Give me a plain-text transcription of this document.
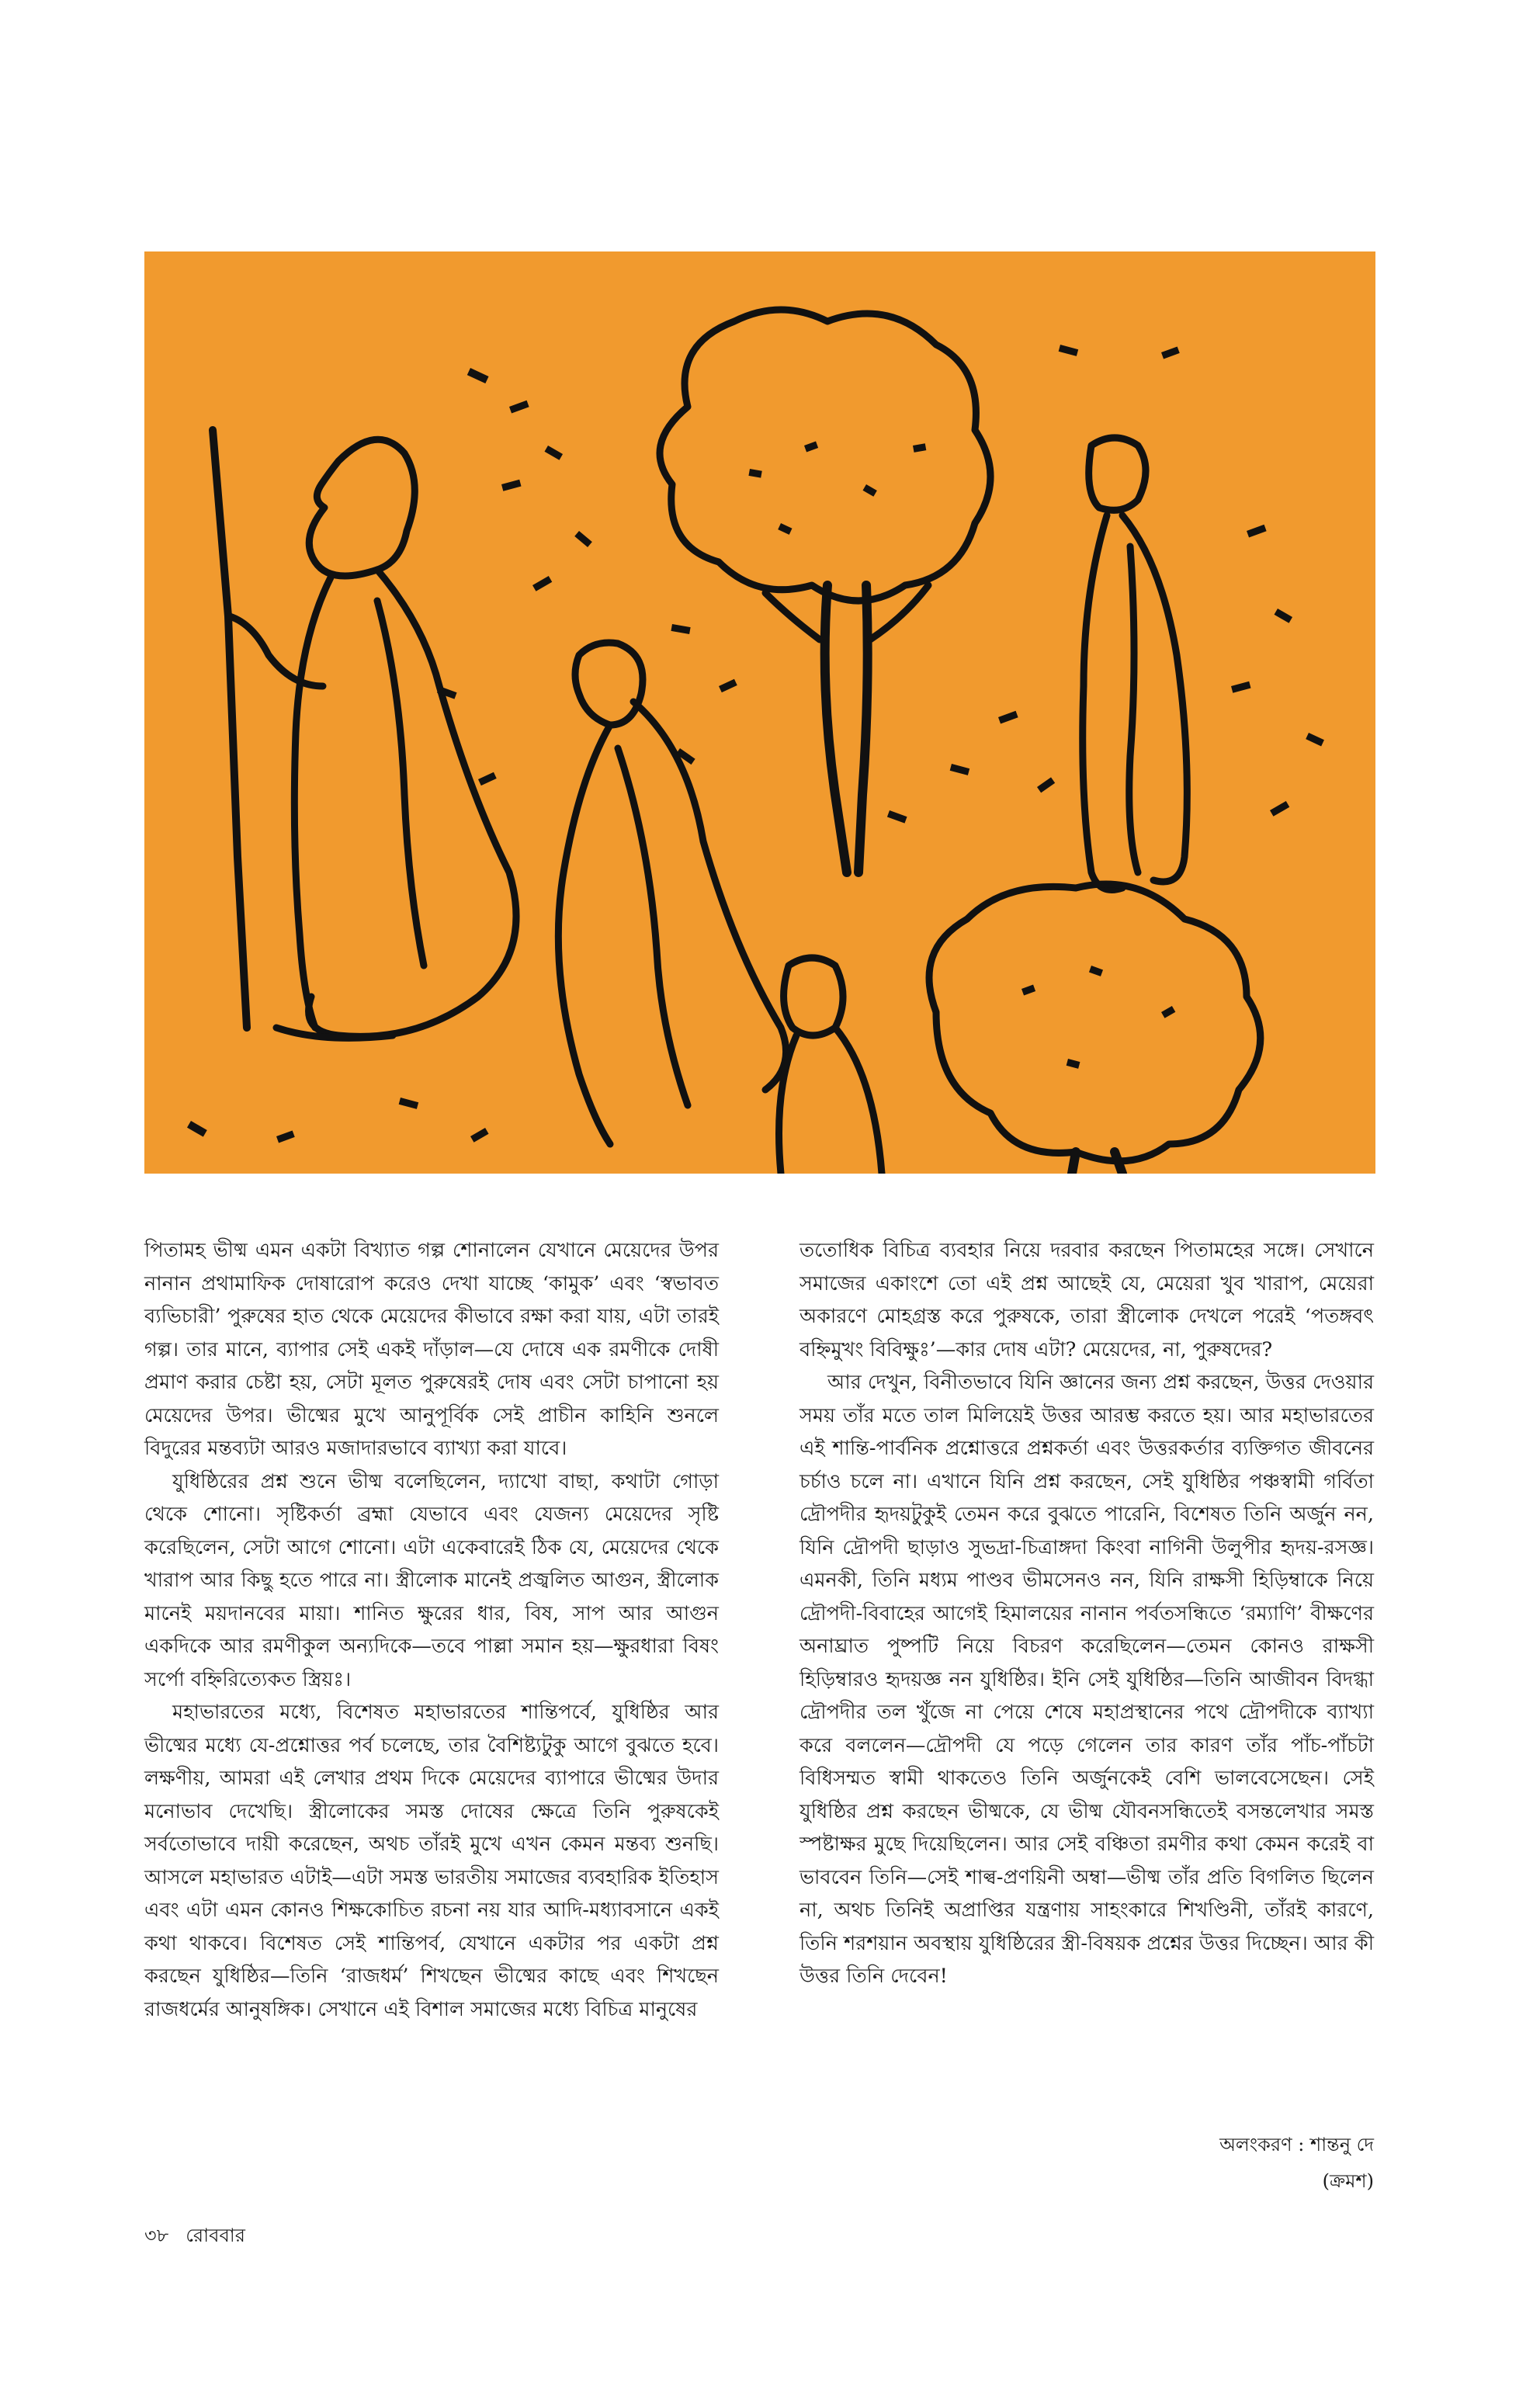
পিতামহ ভীষ্ম এমন একটা বিখ্যাত গল্প শোনালেন যেখানে মেয়েদের উপর নানান প্রথামাফিক দোষারোপ করেও দেখা যাচ্ছে ‘কামুক’ এবং ‘স্বভাবত ব্যভিচারী’ পুরুষের হাত থেকে মেয়েদের কীভাবে রক্ষা করা যায়, এটা তারই গল্প। তার মানে, ব্যাপার সেই একই দাঁড়াল—যে দোষে এক রমণীকে দোষী প্রমাণ করার চেষ্টা হয়, সেটা মূলত পুরুষেরই দোষ এবং সেটা চাপানো হয় মেয়েদের উপর। ভীষ্মের মুখে আনুপূর্বিক সেই প্রাচীন কাহিনি শুনলে বিদুরের মন্তব্যটা আরও মজাদারভাবে ব্যাখ্যা করা যাবে।

যুধিষ্ঠিরের প্রশ্ন শুনে ভীষ্ম বলেছিলেন, দ্যাখো বাছা, কথাটা গোড়া থেকে শোনো। সৃষ্টিকর্তা ব্রহ্মা যেভাবে এবং যেজন্য মেয়েদের সৃষ্টি করেছিলেন, সেটা আগে শোনো। এটা একেবারেই ঠিক যে, মেয়েদের থেকে খারাপ আর কিছু হতে পারে না। স্ত্রীলোক মানেই প্রজ্বলিত আগুন, স্ত্রীলোক মানেই ময়দানবের মায়া। শানিত ক্ষুরের ধার, বিষ, সাপ আর আগুন একদিকে আর রমণীকুল অন্যদিকে—তবে পাল্লা সমান হয়—ক্ষুরধারা বিষং সর্পো বহ্নিরিত্যেকত স্ত্রিয়ঃ।

মহাভারতের মধ্যে, বিশেষত মহাভারতের শান্তিপর্বে, যুধিষ্ঠির আর ভীষ্মের মধ্যে যে-প্রশ্নোত্তর পর্ব চলেছে, তার বৈশিষ্ট্যটুকু আগে বুঝতে হবে। লক্ষণীয়, আমরা এই লেখার প্রথম দিকে মেয়েদের ব্যাপারে ভীষ্মের উদার মনোভাব দেখেছি। স্ত্রীলোকের সমস্ত দোষের ক্ষেত্রে তিনি পুরুষকেই সর্বতোভাবে দায়ী করেছেন, অথচ তাঁরই মুখে এখন কেমন মন্তব্য শুনছি। আসলে মহাভারত এটাই—এটা সমস্ত ভারতীয় সমাজের ব্যবহারিক ইতিহাস এবং এটা এমন কোনও শিক্ষকোচিত রচনা নয় যার আদি-মধ্যাবসানে একই কথা থাকবে। বিশেষত সেই শান্তিপর্ব, যেখানে একটার পর একটা প্রশ্ন করছেন যুধিষ্ঠির—তিনি ‘রাজধর্ম’ শিখছেন ভীষ্মের কাছে এবং শিখছেন রাজধর্মের আনুষঙ্গিক। সেখানে এই বিশাল সমাজের মধ্যে বিচিত্র মানুষের

ততোধিক বিচিত্র ব্যবহার নিয়ে দরবার করছেন পিতামহের সঙ্গে। সেখানে সমাজের একাংশে তো এই প্রশ্ন আছেই যে, মেয়েরা খুব খারাপ, মেয়েরা অকারণে মোহগ্রস্ত করে পুরুষকে, তারা স্ত্রীলোক দেখলে পরেই ‘পতঙ্গবৎ বহ্নিমুখং বিবিক্ষুঃ’—কার দোষ এটা? মেয়েদের, না, পুরুষদের?

আর দেখুন, বিনীতভাবে যিনি জ্ঞানের জন্য প্রশ্ন করছেন, উত্তর দেওয়ার সময় তাঁর মতে তাল মিলিয়েই উত্তর আরম্ভ করতে হয়। আর মহাভারতের এই শান্তি-পার্বনিক প্রশ্নোত্তরে প্রশ্নকর্তা এবং উত্তরকর্তার ব্যক্তিগত জীবনের চর্চাও চলে না। এখানে যিনি প্রশ্ন করছেন, সেই যুধিষ্ঠির পঞ্চস্বামী গর্বিতা দ্রৌপদীর হৃদয়টুকুই তেমন করে বুঝতে পারেনি, বিশেষত তিনি অর্জুন নন, যিনি দ্রৌপদী ছাড়াও সুভদ্রা-চিত্রাঙ্গদা কিংবা নাগিনী উলুপীর হৃদয়-রসজ্ঞ। এমনকী, তিনি মধ্যম পাণ্ডব ভীমসেনও নন, যিনি রাক্ষসী হিড়িম্বাকে নিয়ে দ্রৌপদী-বিবাহের আগেই হিমালয়ের নানান পর্বতসন্ধিতে ‘রম্যাণি’ বীক্ষণের অনাঘ্রাত পুষ্পটি নিয়ে বিচরণ করেছিলেন—তেমন কোনও রাক্ষসী হিড়িম্বারও হৃদয়জ্ঞ নন যুধিষ্ঠির। ইনি সেই যুধিষ্ঠির—তিনি আজীবন বিদগ্ধা দ্রৌপদীর তল খুঁজে না পেয়ে শেষে মহাপ্রস্থানের পথে দ্রৌপদীকে ব্যাখ্যা করে বললেন—দ্রৌপদী যে পড়ে গেলেন তার কারণ তাঁর পাঁচ-পাঁচটা বিধিসম্মত স্বামী থাকতেও তিনি অর্জুনকেই বেশি ভালবেসেছেন। সেই যুধিষ্ঠির প্রশ্ন করছেন ভীষ্মকে, যে ভীষ্ম যৌবনসন্ধিতেই বসন্তলেখার সমস্ত স্পষ্টাক্ষর মুছে দিয়েছিলেন। আর সেই বঞ্চিতা রমণীর কথা কেমন করেই বা ভাববেন তিনি—সেই শাল্ব-প্রণয়িনী অম্বা—ভীষ্ম তাঁর প্রতি বিগলিত ছিলেন না, অথচ তিনিই অপ্রাপ্তির যন্ত্রণায় সাহংকারে শিখণ্ডিনী, তাঁরই কারণে, তিনি শরশয়ান অবস্থায় যুধিষ্ঠিরের স্ত্রী-বিষয়ক প্রশ্নের উত্তর দিচ্ছেন। আর কী উত্তর তিনি দেবেন!

অলংকরণ : শান্তনু দে
(ক্রমশ)
৩৮ রোববার
